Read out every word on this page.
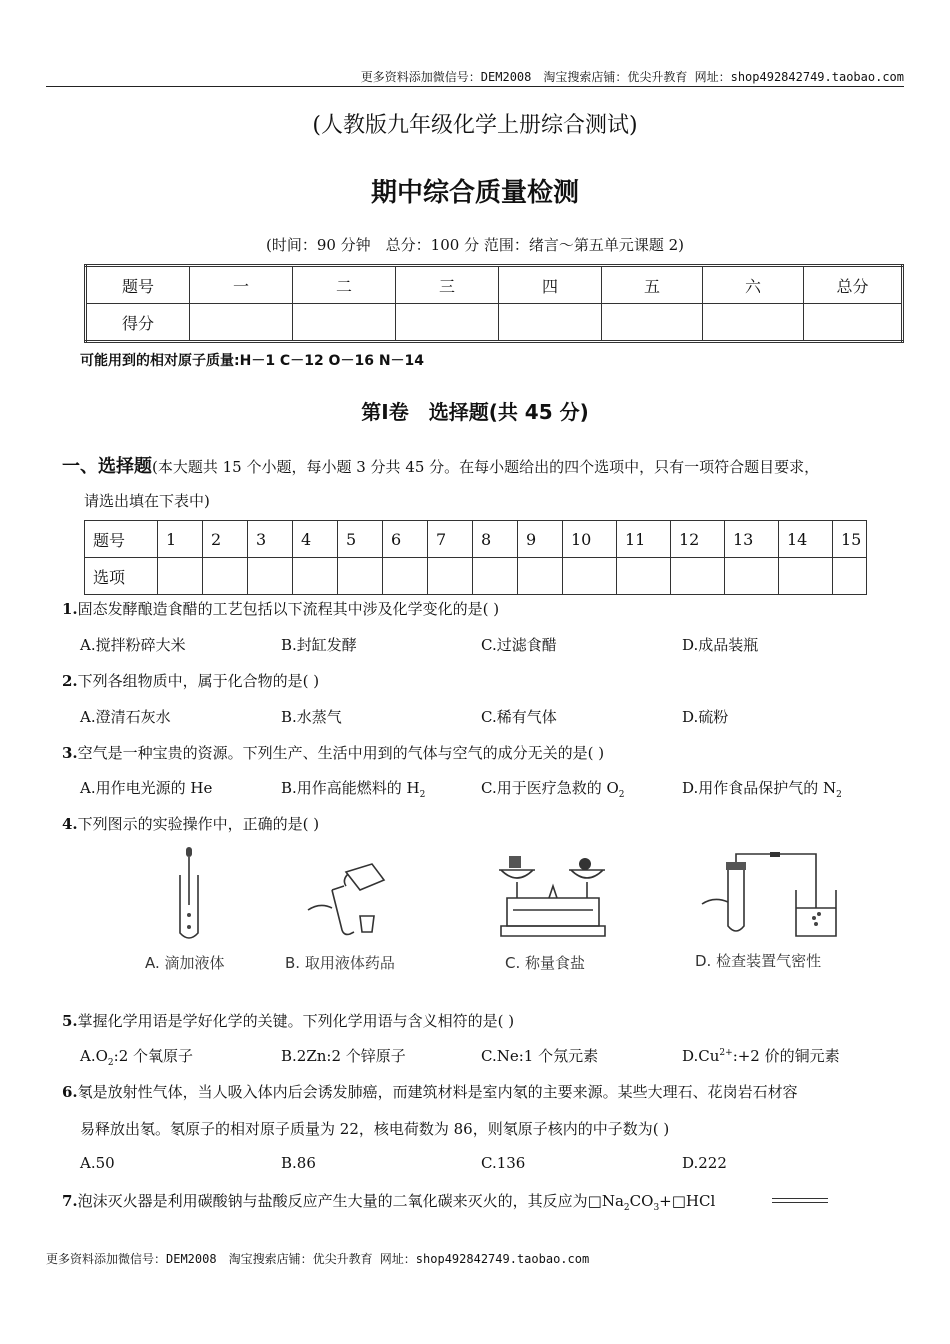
更多资料添加微信号：DEM2008　淘宝搜索店铺：优尖升教育 网址：shop492842749.taobao.com
(人教版九年级化学上册综合测试)
期中综合质量检测
(时间：90 分钟　总分：100 分 范围：绪言～第五单元课题 2)
题号	一	二	三	四	五	六	总分
得分							
可能用到的相对原子质量:H－1 C－12 O－16 N－14
第Ⅰ卷　选择题(共 45 分)
一、选择题(本大题共 15 个小题，每小题 3 分共 45 分。在每小题给出的四个选项中，只有一项符合题目要求，
请选出填在下表中)
题号	1	2	3	4	5	6	7	8	9	10	11	12	13	14	15
选项															
1.固态发酵酿造食醋的工艺包括以下流程其中涉及化学变化的是( )
A.搅拌粉碎大米	B.封缸发酵	C.过滤食醋	D.成品装瓶
2.下列各组物质中，属于化合物的是( )
A.澄清石灰水	B.水蒸气	C.稀有气体	D.硫粉
3.空气是一种宝贵的资源。下列生产、生活中用到的气体与空气的成分无关的是( )
A.用作电光源的 He	B.用作高能燃料的 $H_2$	C.用于医疗急救的 $O_2$	D.用作食品保护气的 $N_2$
4.下列图示的实验操作中，正确的是( )
A. 滴加液体	B. 取用液体药品	C. 称量食盐	D. 检查装置气密性
5.掌握化学用语是学好化学的关键。下列化学用语与含义相符的是( )
$A.O_2:2$ 个氧原子	B.2Zn:2 个锌原子	C.Ne:1 个氖元素	$D.Cu^{2+}:+2$ 价的铜元素
6.氡是放射性气体，当人吸入体内后会诱发肺癌，而建筑材料是室内氡的主要来源。某些大理石、花岗岩石材容
易释放出氡。氡原子的相对原子质量为 22，核电荷数为 86，则氡原子核内的中子数为( )
A.50	B.86	C.136	D.222
7.泡沫灭火器是利用碳酸钠与盐酸反应产生大量的二氧化碳来灭火的，其反应为$□Na_2CO_3+□HCl$
更多资料添加微信号：DEM2008　淘宝搜索店铺：优尖升教育 网址：shop492842749.taobao.com
